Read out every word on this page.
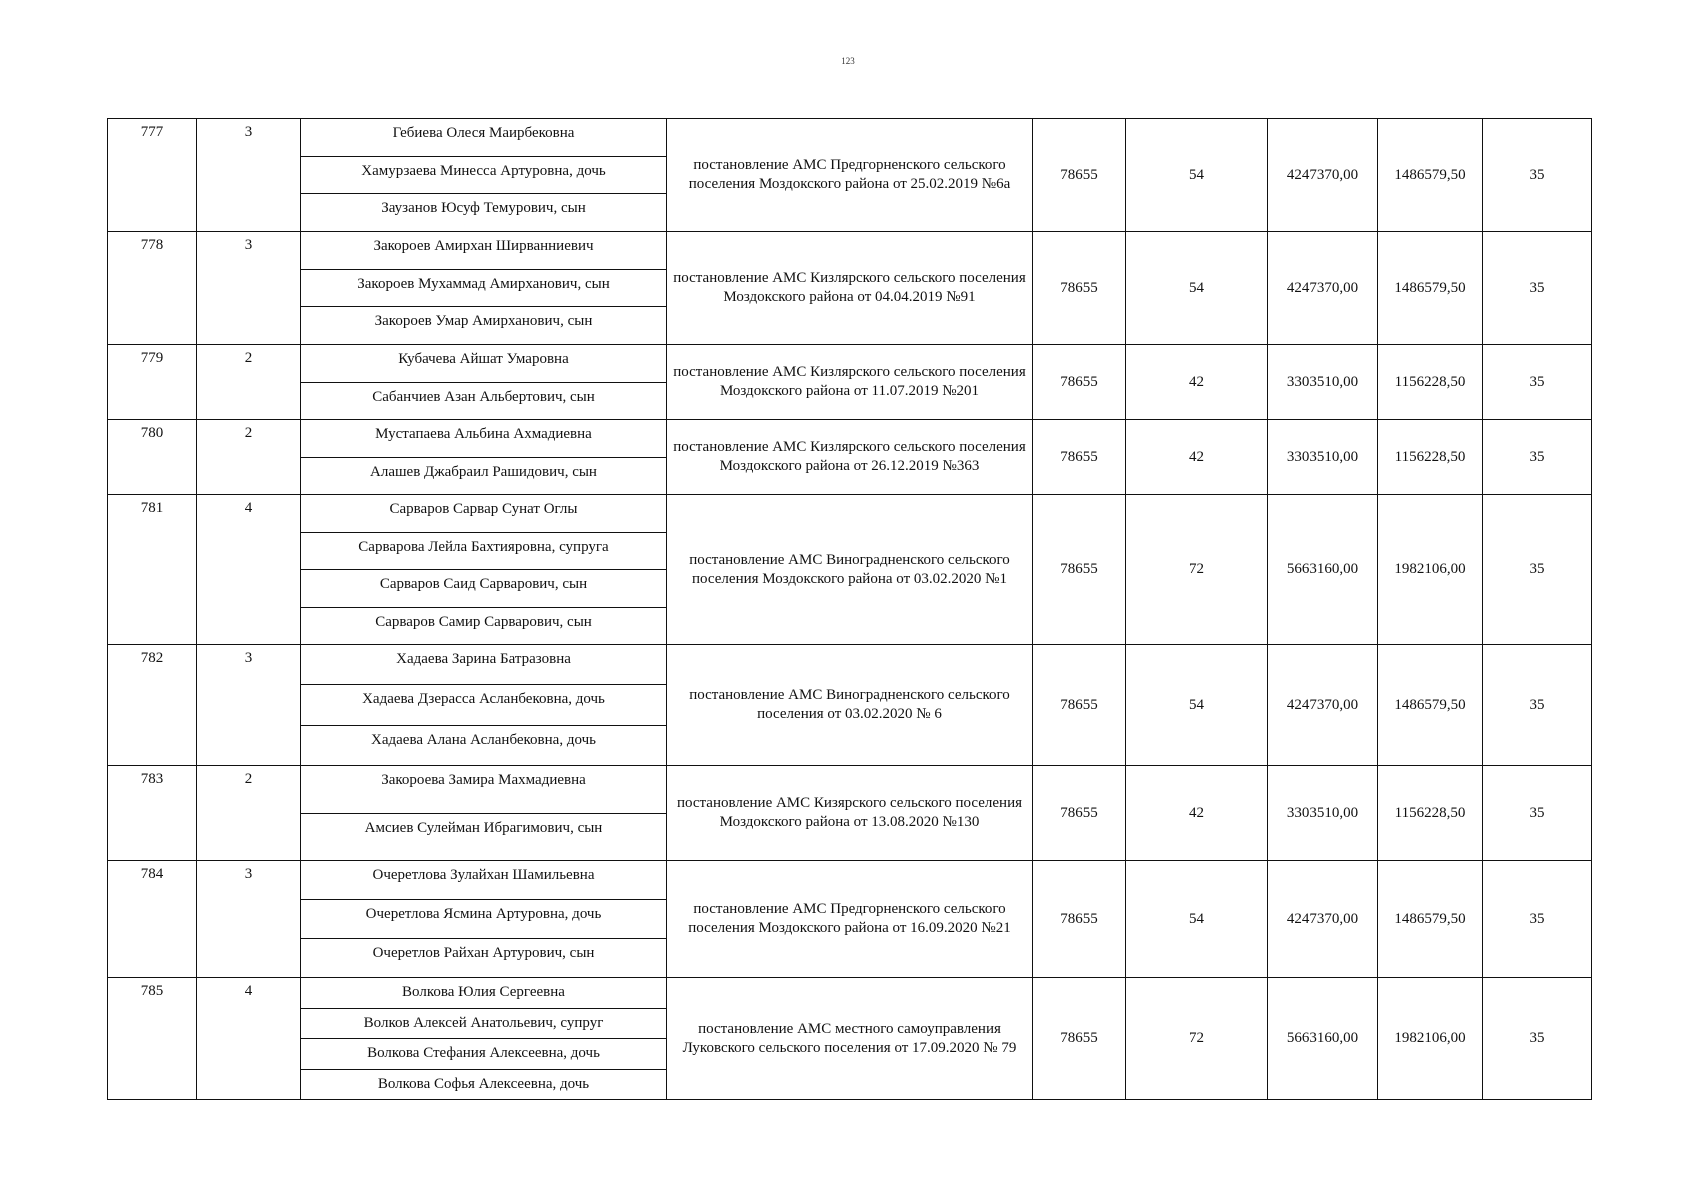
123
777	3	Гебиева Олеся Маирбековна
Хамурзаева Минесса Артуровна, дочь
Заузанов Юсуф Темурович, сын	постановление АМС Предгорненского сельского поселения Моздокского района от 25.02.2019 №6а	78655	54	4247370,00	1486579,50	35

778	3	Закороев Амирхан Ширванниевич
Закороев Мухаммад Амирханович, сын
Закороев Умар Амирханович, сын	постановление АМС Кизлярского сельского поселения Моздокского района от 04.04.2019 №91	78655	54	4247370,00	1486579,50	35

779	2	Кубачева Айшат Умаровна
Сабанчиев Азан Альбертович, сын	постановление АМС Кизлярского сельского поселения Моздокского района от 11.07.2019 №201	78655	42	3303510,00	1156228,50	35

780	2	Мустапаева Альбина Ахмадиевна
Алашев Джабраил Рашидович, сын	постановление АМС Кизлярского сельского поселения Моздокского района от 26.12.2019 №363	78655	42	3303510,00	1156228,50	35

781	4	Сарваров Сарвар Сунат Оглы
Сарварова Лейла Бахтияровна, супруга
Сарваров Саид Сарварович, сын
Сарваров Самир Сарварович, сын	постановление АМС Виноградненского сельского поселения Моздокского района от 03.02.2020 №1	78655	72	5663160,00	1982106,00	35

782	3	Хадаева Зарина Батразовна
Хадаева Дзерасса Асланбековна, дочь
Хадаева Алана Асланбековна, дочь	постановление АМС Виноградненского сельского поселения от 03.02.2020 № 6	78655	54	4247370,00	1486579,50	35

783	2	Закороева Замира Махмадиевна
Амсиев Сулейман Ибрагимович, сын	постановление АМС Кизярского сельского поселения Моздокского района от 13.08.2020 №130	78655	42	3303510,00	1156228,50	35

784	3	Очеретлова Зулайхан Шамильевна
Очеретлова Ясмина Артуровна, дочь
Очеретлов Райхан Артурович, сын	постановление АМС Предгорненского сельского поселения Моздокского района от 16.09.2020 №21	78655	54	4247370,00	1486579,50	35

785	4	Волкова Юлия Сергеевна
Волков Алексей Анатольевич, супруг
Волкова Стефания Алексеевна, дочь
Волкова Софья Алексеевна, дочь	постановление АМС местного самоуправления Луковского сельского поселения от 17.09.2020 № 79	78655	72	5663160,00	1982106,00	35
